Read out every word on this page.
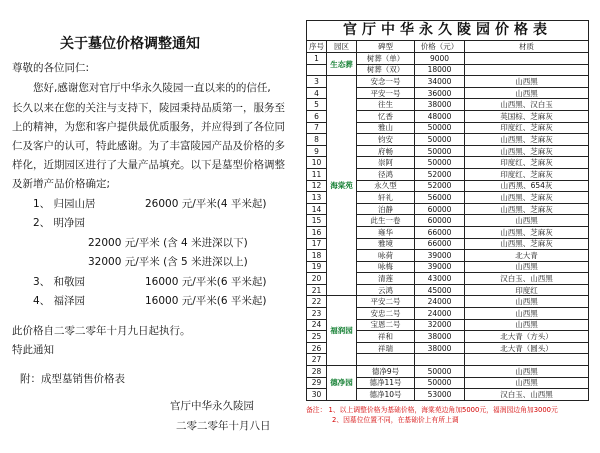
关于墓位价格调整通知
尊敬的各位同仁:
您好,感谢您对官厅中华永久陵园一直以来的的信任,
长久以来在您的关注与支持下，陵园秉持品质第一，服务至
上的精神，为您和客户提供最优质服务，并应得到了各位同
仁及客户的认可，特此感谢。为了丰富陵园产品及价格的多
样化，近期园区进行了大量产品填充。以下是墓型价格调整
及新增产品价格确定;
1、 归园山居	26000 元/平米(4 平米起)
2、 明净园
22000 元/平米 (含 4 米进深以下)
32000 元/平米 (含 5 米进深以上)
3、 和敬园	16000 元/平米(6 平米起)
4、 福泽园	16000 元/平米(6 平米起)
此价格自二零二零年十月九日起执行。
特此通知
附：成型墓销售价格表
官厅中华永久陵园
二零二零年十月八日
官厅中华永久陵园价格表				
序号	园区	碑型	价格（元）	材质
1	生态葬	树葬（单）	9000	
		树葬（双）	18000	
3	海棠苑	安念一号	34000	山西黑
4		平安一号	36000	山西黑
5		往生	38000	山西黑、汉白玉
6		忆香	48000	英国棕、芝麻灰
7		雅山	50000	印度红、芝麻灰
8		钧安	50000	山西黑、芝麻灰
9		府畅	50000	山西黑、芝麻灰
10		崇阿	50000	印度红、芝麻灰
11		径鸿	52000	印度红、芝麻灰
12		永久型	52000	山西黑、654灰
13		轩礼	56000	山西黑、芝麻灰
14		泊静	60000	山西黑、芝麻灰
15		此生一卷	60000	山西黑
16		雍华	66000	山西黑、芝麻灰
17		雅境	66000	山西黑、芝麻灰
18		咏荷	39000	北大青
19		咏梅	39000	山西黑
20		清莲	43000	汉白玉、山西黑
21		云鸿	45000	印度红
22	福润园	平安二号	24000	山西黑
23		安忠二号	24000	山西黑
24		宝恩二号	32000	山西黑
25		祥和	38000	北大青（方头）
26		祥瑞	38000	北大青（圆头）
27				
28	德净园	德净9号	50000	山西黑
29		德净11号	50000	山西黑
30		德净10号	53000	汉白玉、山西黑
备注： 1、以上调整价格为基础价格，海棠苑边角加5000元，福润园边角加3000元
2、因墓位位置不同，在基础价上有所上调
